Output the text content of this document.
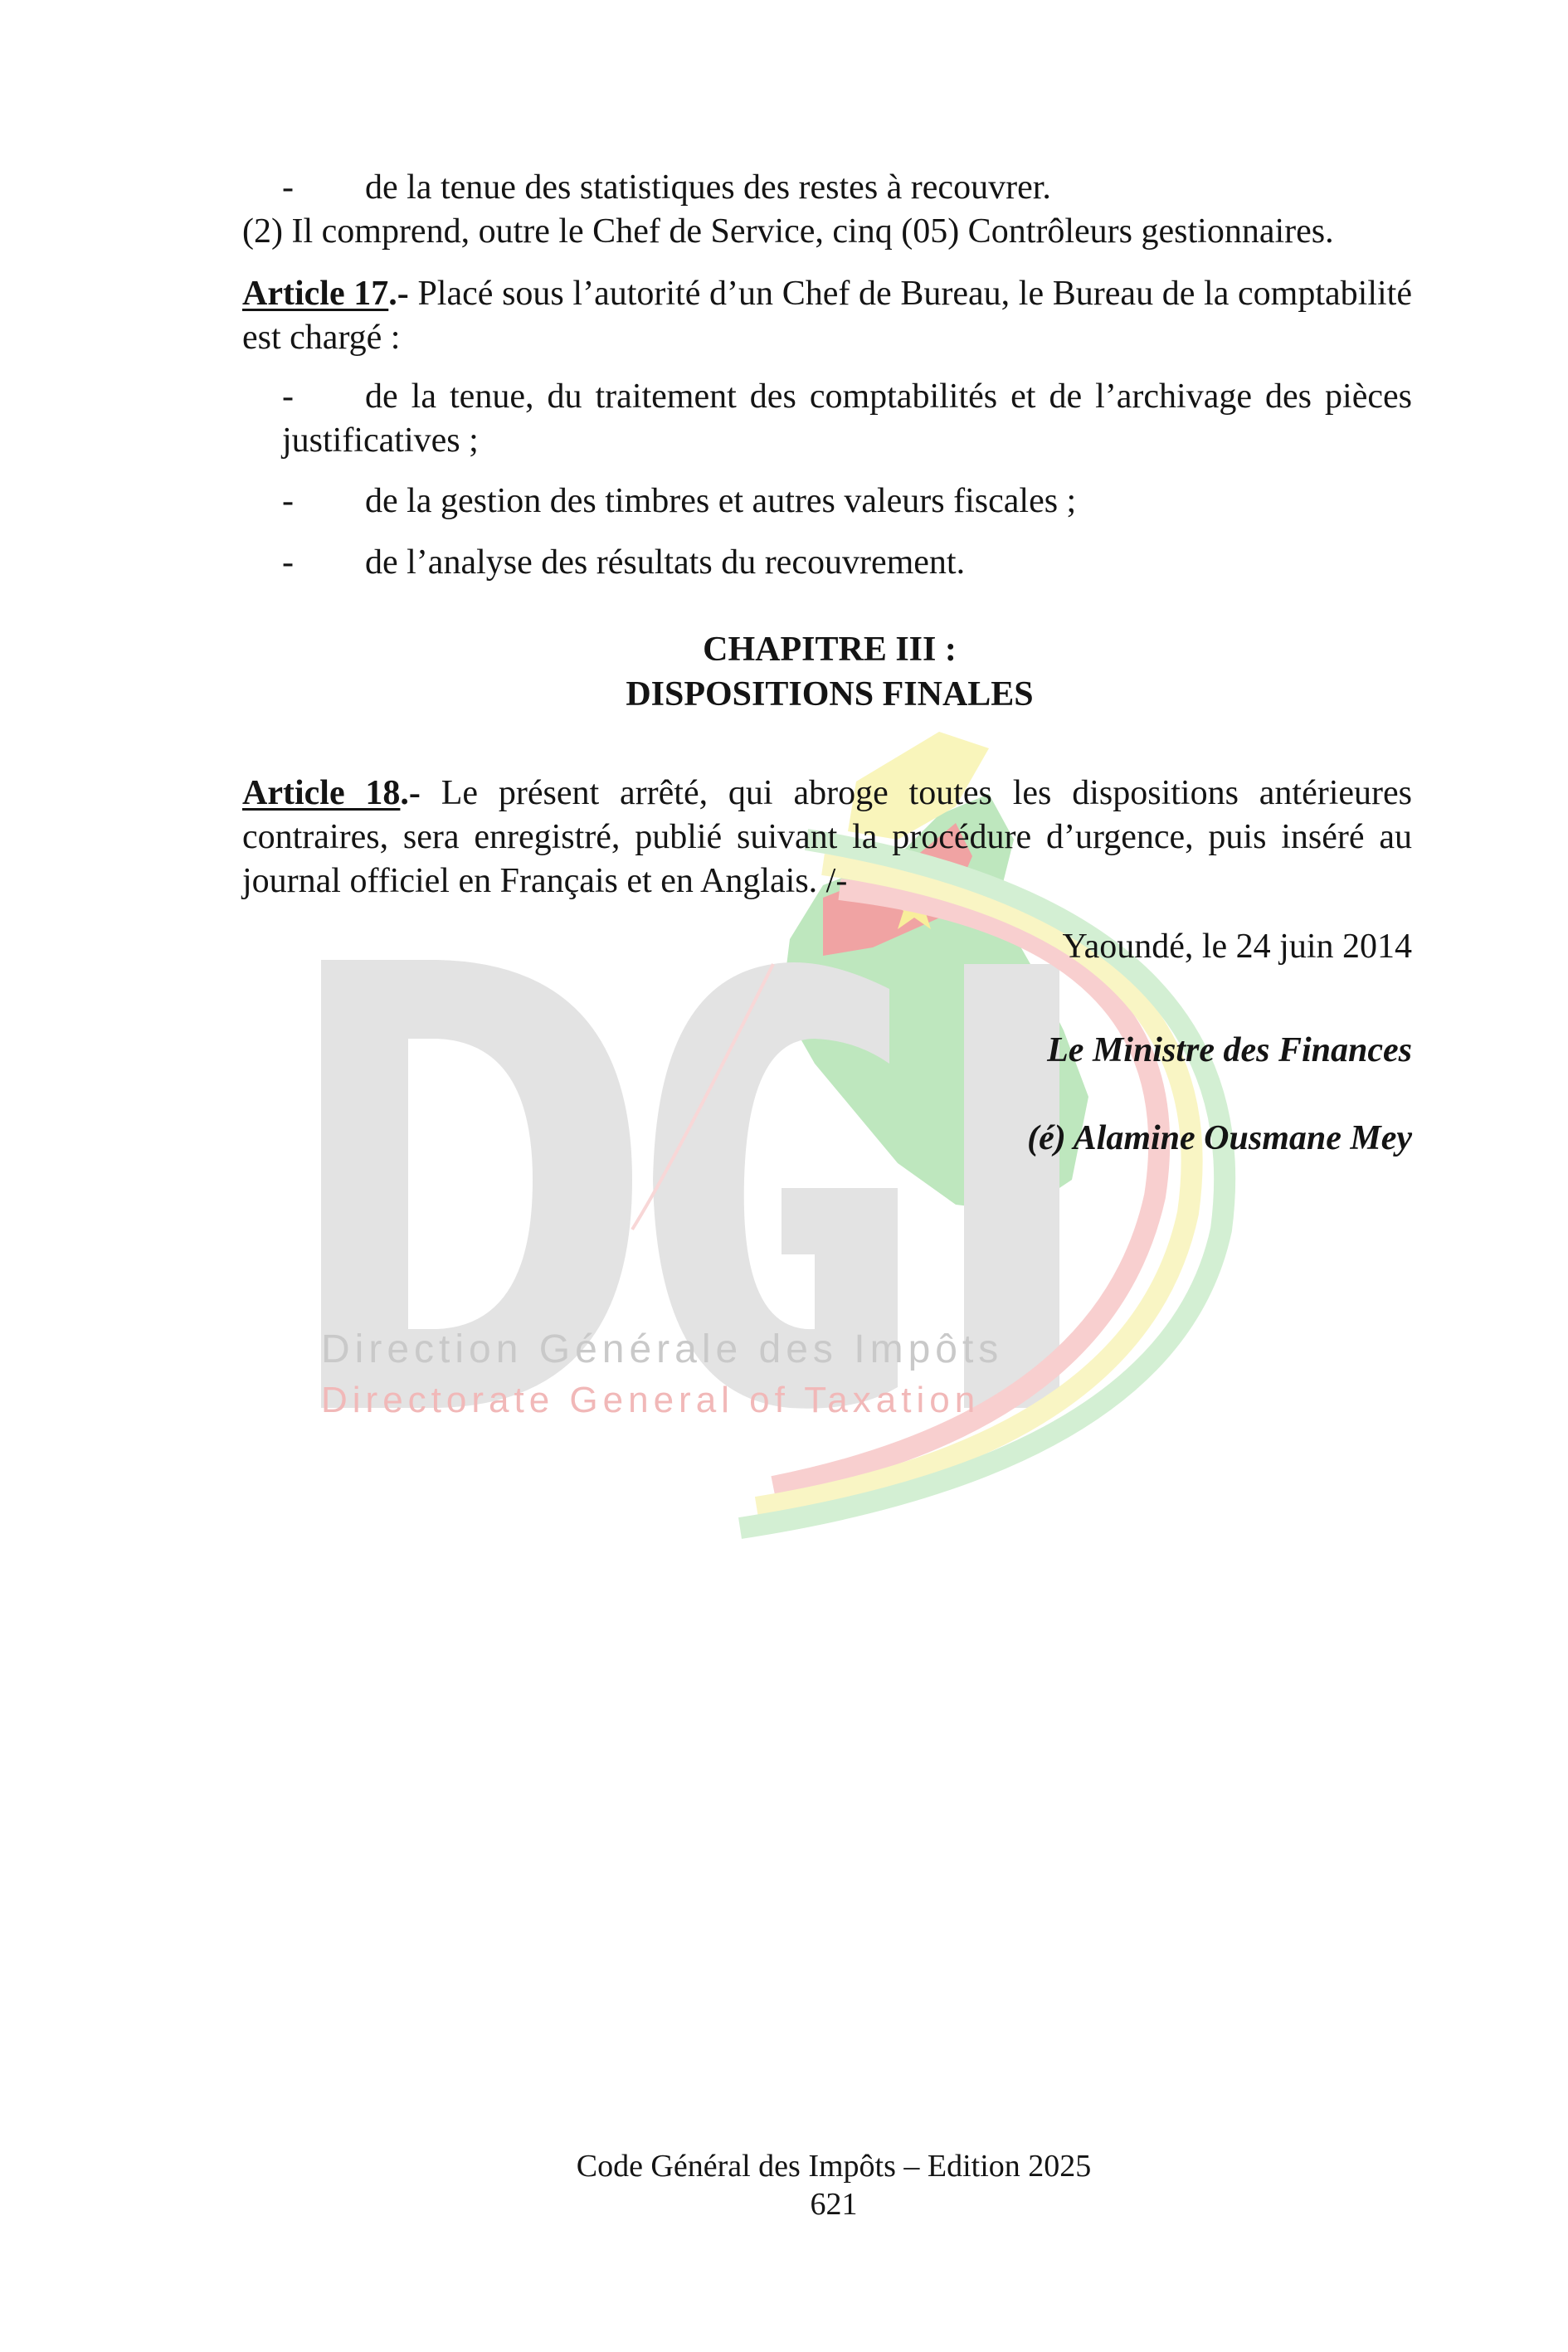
Direction Générale des Impôts
Directorate General of Taxation
- de la tenue des statistiques des restes à recouvrer.
(2) Il comprend, outre le Chef de Service, cinq (05) Contrôleurs gestionnaires.
Article 17.- Placé sous l’autorité d’un Chef de Bureau, le Bureau de la comptabilité est chargé :
-	de la tenue, du traitement des comptabilités et de l’archivage des pièces justificatives ;
- de la gestion des timbres et autres valeurs fiscales ;
- de l’analyse des résultats du recouvrement.
CHAPITRE III :
DISPOSITIONS FINALES
Article 18.- Le présent arrêté, qui abroge toutes les dispositions antérieures contraires, sera enregistré, publié suivant la procédure d’urgence, puis inséré au journal officiel en Français et en Anglais. /-
Yaoundé, le 24 juin 2014
Le Ministre des Finances
(é) Alamine Ousmane Mey
Code Général des Impôts – Edition 2025
621
